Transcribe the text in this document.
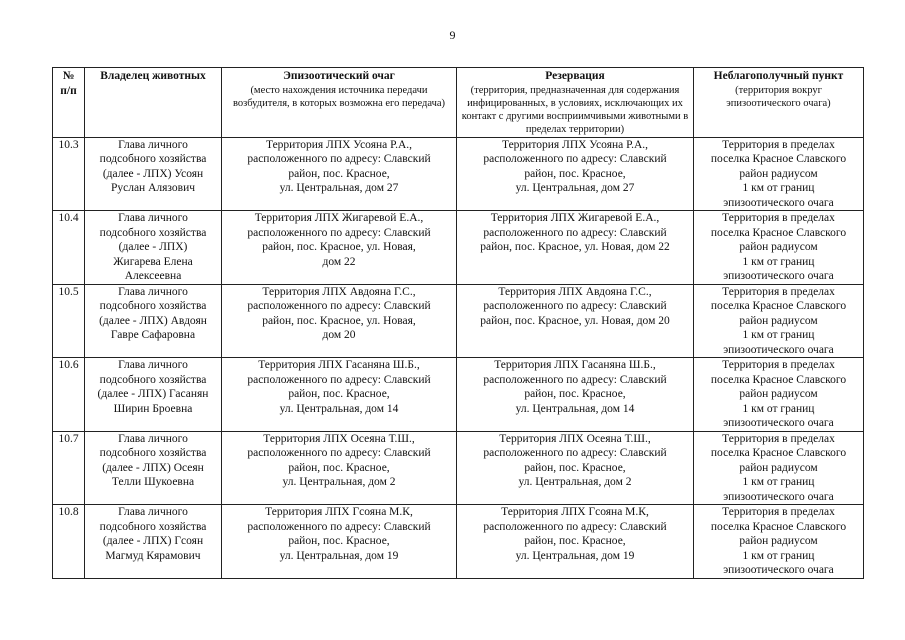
9
№
п/п	Владелец животных	Эпизоотический очаг
(место нахождения источника передачи возбудителя, в которых возможна его передача)	Резервация
(территория, предназначенная для содержания инфицированных, в условиях, исключающих их контакт с другими восприимчивыми животными в пределах территории)	Неблагополучный пункт
(территория вокруг эпизоотического очага)

10.3	Глава личного
подсобного хозяйства
(далее - ЛПХ) Усоян
Руслан Алязович	Территория ЛПХ Усояна Р.А.,
расположенного по адресу: Славский
район, пос. Красное,
ул. Центральная, дом 27	Территория ЛПХ Усояна Р.А.,
расположенного по адресу: Славский
район, пос. Красное,
ул. Центральная, дом 27	Территория в пределах
поселка Красное Славского
район радиусом
1 км от границ
эпизоотического очага

10.4	Глава личного
подсобного хозяйства
(далее - ЛПХ)
Жигарева Елена
Алексеевна	Территория ЛПХ Жигаревой Е.А.,
расположенного по адресу: Славский
район, пос. Красное, ул. Новая,
дом 22	Территория ЛПХ Жигаревой Е.А.,
расположенного по адресу: Славский
район, пос. Красное, ул. Новая, дом 22	Территория в пределах
поселка Красное Славского
район радиусом
1 км от границ
эпизоотического очага

10.5	Глава личного
подсобного хозяйства
(далее - ЛПХ) Авдоян
Гавре Сафаровна	Территория ЛПХ Авдояна Г.С.,
расположенного по адресу: Славский
район, пос. Красное, ул. Новая,
дом 20	Территория ЛПХ Авдояна Г.С.,
расположенного по адресу: Славский
район, пос. Красное, ул. Новая, дом 20	Территория в пределах
поселка Красное Славского
район радиусом
1 км от границ
эпизоотического очага

10.6	Глава личного
подсобного хозяйства
(далее - ЛПХ) Гасанян
Ширин Броевна	Территория ЛПХ Гасаняна Ш.Б.,
расположенного по адресу: Славский
район, пос. Красное,
ул. Центральная, дом 14	Территория ЛПХ Гасаняна Ш.Б.,
расположенного по адресу: Славский
район, пос. Красное,
ул. Центральная, дом 14	Территория в пределах
поселка Красное Славского
район радиусом
1 км от границ
эпизоотического очага

10.7	Глава личного
подсобного хозяйства
(далее - ЛПХ) Осеян
Телли Шукоевна	Территория ЛПХ Осеяна Т.Ш.,
расположенного по адресу: Славский
район, пос. Красное,
ул. Центральная, дом 2	Территория ЛПХ Осеяна Т.Ш.,
расположенного по адресу: Славский
район, пос. Красное,
ул. Центральная, дом 2	Территория в пределах
поселка Красное Славского
район радиусом
1 км от границ
эпизоотического очага

10.8	Глава личного
подсобного хозяйства
(далее - ЛПХ) Гсоян
Магмуд Кярамович	Территория ЛПХ Гсояна М.К,
расположенного по адресу: Славский
район, пос. Красное,
ул. Центральная, дом 19	Территория ЛПХ Гсояна М.К,
расположенного по адресу: Славский
район, пос. Красное,
ул. Центральная, дом 19	Территория в пределах
поселка Красное Славского
район радиусом
1 км от границ
эпизоотического очага
